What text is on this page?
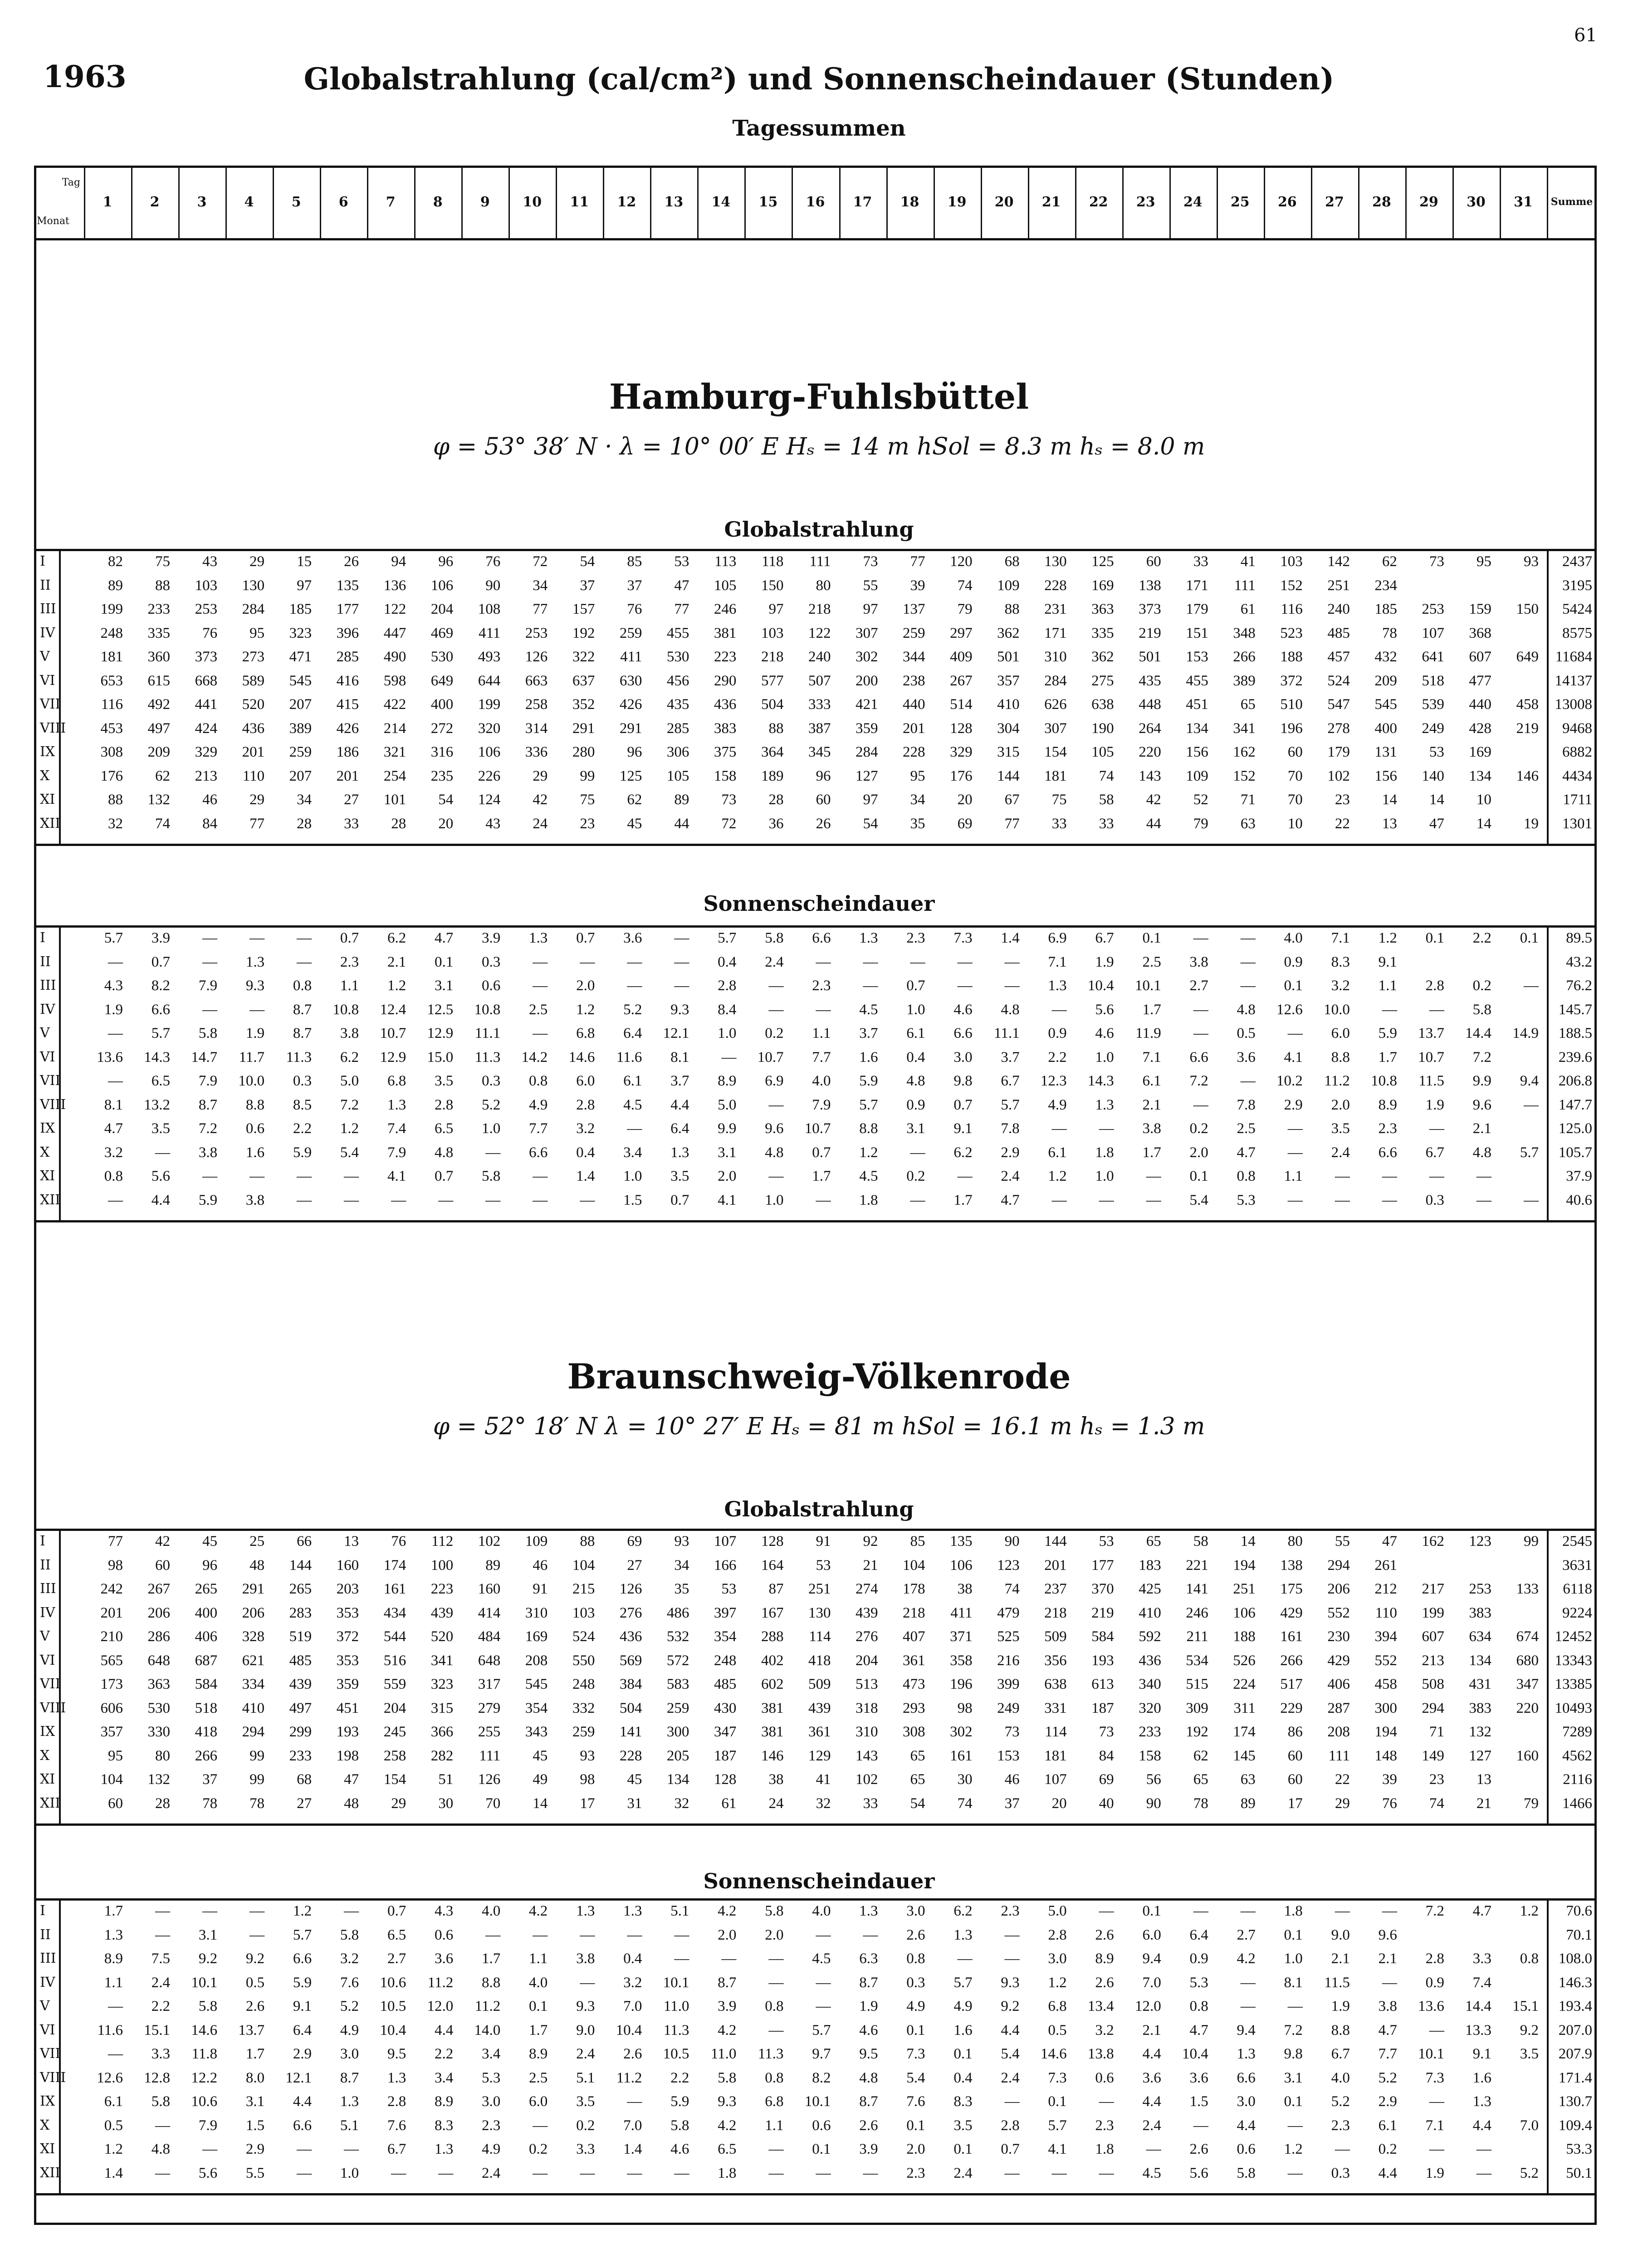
61
1963	Globalstrahlung (cal/cm²) und Sonnenscheindauer (Stunden)
Tagessummen
Hamburg-Fuhlsbüttel
φ = 53° 38′ N · λ = 10° 00′ E Hₛ = 14 m hSol = 8.3 m hₛ = 8.0 m
Globalstrahlung
Sonnenscheindauer
Braunschweig-Völkenrode
φ = 52° 18′ N λ = 10° 27′ E Hₛ = 81 m hSol = 16.1 m hₛ = 1.3 m
Globalstrahlung
Sonnenscheindauer
Tag
Monat
1	2	3	4	5	6	7	8	9	10	11	12	13	14	15	16	17	18	19	20	21	22	23	24	25	26	27	28	29	30	31	Summe
I	82	75	43	29	15	26	94	96	76	72	54	85	53	113	118	111	73	77	120	68	130	125	60	33	41	103	142	62	73	95	93	2437
II	89	88	103	130	97	135	136	106	90	34	37	37	47	105	150	80	55	39	74	109	228	169	138	171	111	152	251	234	3195
III	199	233	253	284	185	177	122	204	108	77	157	76	77	246	97	218	97	137	79	88	231	363	373	179	61	116	240	185	253	159	150	5424
IV	248	335	76	95	323	396	447	469	411	253	192	259	455	381	103	122	307	259	297	362	171	335	219	151	348	523	485	78	107	368	8575
V	181	360	373	273	471	285	490	530	493	126	322	411	530	223	218	240	302	344	409	501	310	362	501	153	266	188	457	432	641	607	649 11684
VI	653	615	668	589	545	416	598	649	644	663	637	630	456	290	577	507	200	238	267	357	284	275	435	455	389	372	524	209	518	477	14137
VII	116	492	441	520	207	415	422	400	199	258	352	426	435	436	504	333	421	440	514	410	626	638	448	451	65	510	547	545	539	440	458 13008
VIII	453	497	424	436	389	426	214	272	320	314	291	291	285	383	88	387	359	201	128	304	307	190	264	134	341	196	278	400	249	428	219	9468
IX	308	209	329	201	259	186	321	316	106	336	280	96	306	375	364	345	284	228	329	315	154	105	220	156	162	60	179	131	53	169	6882
X	176	62	213	110	207	201	254	235	226	29	99	125	105	158	189	96	127	95	176	144	181	74	143	109	152	70	102	156	140	134	146	4434
XI	88	132	46	29	34	27	101	54	124	42	75	62	89	73	28	60	97	34	20	67	75	58	42	52	71	70	23	14	14	10	1711
XII	32	74	84	77	28	33	28	20	43	24	23	45	44	72	36	26	54	35	69	77	33	33	44	79	63	10	22	13	47	14	19	1301
I	5.7	3.9	—	—	—	0.7	6.2	4.7	3.9	1.3	0.7	3.6	—	5.7	5.8	6.6	1.3	2.3	7.3	1.4	6.9	6.7	0.1	—	—	4.0	7.1	1.2	0.1	2.2	0.1	89.5
II	—	0.7	—	1.3	—	2.3	2.1	0.1	0.3	—	—	—	—	0.4	2.4	—	—	—	—	—	7.1	1.9	2.5	3.8	—	0.9	8.3	9.1	43.2
III	4.3	8.2	7.9	9.3	0.8	1.1	1.2	3.1	0.6	—	2.0	—	—	2.8	—	2.3	—	0.7	—	—	1.3	10.4	10.1	2.7	—	0.1	3.2	1.1	2.8	0.2	—	76.2
IV	1.9	6.6	—	—	8.7	10.8	12.4	12.5	10.8	2.5	1.2	5.2	9.3	8.4	—	—	4.5	1.0	4.6	4.8	—	5.6	1.7	—	4.8	12.6	10.0	—	—	5.8	145.7
V	—	5.7	5.8	1.9	8.7	3.8	10.7	12.9	11.1	—	6.8	6.4	12.1	1.0	0.2	1.1	3.7	6.1	6.6	11.1	0.9	4.6	11.9	—	0.5	—	6.0	5.9	13.7	14.4	14.9	188.5
VI	13.6	14.3	14.7	11.7	11.3	6.2	12.9	15.0	11.3	14.2	14.6	11.6	8.1	—	10.7	7.7	1.6	0.4	3.0	3.7	2.2	1.0	7.1	6.6	3.6	4.1	8.8	1.7	10.7	7.2	239.6
VII	—	6.5	7.9	10.0	0.3	5.0	6.8	3.5	0.3	0.8	6.0	6.1	3.7	8.9	6.9	4.0	5.9	4.8	9.8	6.7	12.3	14.3	6.1	7.2	—	10.2	11.2	10.8	11.5	9.9	9.4	206.8
VIII	8.1	13.2	8.7	8.8	8.5	7.2	1.3	2.8	5.2	4.9	2.8	4.5	4.4	5.0	—	7.9	5.7	0.9	0.7	5.7	4.9	1.3	2.1	—	7.8	2.9	2.0	8.9	1.9	9.6	—	147.7
IX	4.7	3.5	7.2	0.6	2.2	1.2	7.4	6.5	1.0	7.7	3.2	—	6.4	9.9	9.6	10.7	8.8	3.1	9.1	7.8	—	—	3.8	0.2	2.5	—	3.5	2.3	—	2.1	125.0
X	3.2	—	3.8	1.6	5.9	5.4	7.9	4.8	—	6.6	0.4	3.4	1.3	3.1	4.8	0.7	1.2	—	6.2	2.9	6.1	1.8	1.7	2.0	4.7	—	2.4	6.6	6.7	4.8	5.7	105.7
XI	0.8	5.6	—	—	—	—	4.1	0.7	5.8	—	1.4	1.0	3.5	2.0	—	1.7	4.5	0.2	—	2.4	1.2	1.0	—	0.1	0.8	1.1	—	—	—	—	37.9
XII	—	4.4	5.9	3.8	—	—	—	—	—	—	—	1.5	0.7	4.1	1.0	—	1.8	—	1.7	4.7	—	—	—	5.4	5.3	—	—	—	0.3	—	—	40.6
I	77	42	45	25	66	13	76	112	102	109	88	69	93	107	128	91	92	85	135	90	144	53	65	58	14	80	55	47	162	123	99	2545
II	98	60	96	48	144	160	174	100	89	46	104	27	34	166	164	53	21	104	106	123	201	177	183	221	194	138	294	261	3631
III	242	267	265	291	265	203	161	223	160	91	215	126	35	53	87	251	274	178	38	74	237	370	425	141	251	175	206	212	217	253	133	6118
IV	201	206	400	206	283	353	434	439	414	310	103	276	486	397	167	130	439	218	411	479	218	219	410	246	106	429	552	110	199	383	9224
V	210	286	406	328	519	372	544	520	484	169	524	436	532	354	288	114	276	407	371	525	509	584	592	211	188	161	230	394	607	634	674 12452
VI	565	648	687	621	485	353	516	341	648	208	550	569	572	248	402	418	204	361	358	216	356	193	436	534	526	266	429	552	213	134	680 13343
VII	173	363	584	334	439	359	559	323	317	545	248	384	583	485	602	509	513	473	196	399	638	613	340	515	224	517	406	458	508	431	347 13385
VIII	606	530	518	410	497	451	204	315	279	354	332	504	259	430	381	439	318	293	98	249	331	187	320	309	311	229	287	300	294	383	220 10493
IX	357	330	418	294	299	193	245	366	255	343	259	141	300	347	381	361	310	308	302	73	114	73	233	192	174	86	208	194	71	132	7289
X	95	80	266	99	233	198	258	282	111	45	93	228	205	187	146	129	143	65	161	153	181	84	158	62	145	60	111	148	149	127	160	4562
XI	104	132	37	99	68	47	154	51	126	49	98	45	134	128	38	41	102	65	30	46	107	69	56	65	63	60	22	39	23	13	2116
XII	60	28	78	78	27	48	29	30	70	14	17	31	32	61	24	32	33	54	74	37	20	40	90	78	89	17	29	76	74	21	79	1466
I	1.7	—	—	—	1.2	—	0.7	4.3	4.0	4.2	1.3	1.3	5.1	4.2	5.8	4.0	1.3	3.0	6.2	2.3	5.0	—	0.1	—	—	1.8	—	—	7.2	4.7	1.2	70.6
II	1.3	—	3.1	—	5.7	5.8	6.5	0.6	—	—	—	—	—	2.0	2.0	—	—	2.6	1.3	—	2.8	2.6	6.0	6.4	2.7	0.1	9.0	9.6	70.1
III	8.9	7.5	9.2	9.2	6.6	3.2	2.7	3.6	1.7	1.1	3.8	0.4	—	—	—	4.5	6.3	0.8	—	—	3.0	8.9	9.4	0.9	4.2	1.0	2.1	2.1	2.8	3.3	0.8	108.0
IV	1.1	2.4	10.1	0.5	5.9	7.6	10.6	11.2	8.8	4.0	—	3.2	10.1	8.7	—	—	8.7	0.3	5.7	9.3	1.2	2.6	7.0	5.3	—	8.1	11.5	—	0.9	7.4	146.3
V	—	2.2	5.8	2.6	9.1	5.2	10.5	12.0	11.2	0.1	9.3	7.0	11.0	3.9	0.8	—	1.9	4.9	4.9	9.2	6.8	13.4	12.0	0.8	—	—	1.9	3.8	13.6	14.4	15.1	193.4
VI	11.6	15.1	14.6	13.7	6.4	4.9	10.4	4.4	14.0	1.7	9.0	10.4	11.3	4.2	—	5.7	4.6	0.1	1.6	4.4	0.5	3.2	2.1	4.7	9.4	7.2	8.8	4.7	—	13.3	9.2	207.0
VII	—	3.3	11.8	1.7	2.9	3.0	9.5	2.2	3.4	8.9	2.4	2.6	10.5	11.0	11.3	9.7	9.5	7.3	0.1	5.4	14.6	13.8	4.4	10.4	1.3	9.8	6.7	7.7	10.1	9.1	3.5	207.9
VIII	12.6	12.8	12.2	8.0	12.1	8.7	1.3	3.4	5.3	2.5	5.1	11.2	2.2	5.8	0.8	8.2	4.8	5.4	0.4	2.4	7.3	0.6	3.6	3.6	6.6	3.1	4.0	5.2	7.3	1.6	171.4
IX	6.1	5.8	10.6	3.1	4.4	1.3	2.8	8.9	3.0	6.0	3.5	—	5.9	9.3	6.8	10.1	8.7	7.6	8.3	—	0.1	—	4.4	1.5	3.0	0.1	5.2	2.9	—	1.3	130.7
X	0.5	—	7.9	1.5	6.6	5.1	7.6	8.3	2.3	—	0.2	7.0	5.8	4.2	1.1	0.6	2.6	0.1	3.5	2.8	5.7	2.3	2.4	—	4.4	—	2.3	6.1	7.1	4.4	7.0	109.4
XI	1.2	4.8	—	2.9	—	—	6.7	1.3	4.9	0.2	3.3	1.4	4.6	6.5	—	0.1	3.9	2.0	0.1	0.7	4.1	1.8	—	2.6	0.6	1.2	—	0.2	—	—	53.3
XII	1.4	—	5.6	5.5	—	1.0	—	—	2.4	—	—	—	—	1.8	—	—	—	2.3	2.4	—	—	—	4.5	5.6	5.8	—	0.3	4.4	1.9	—	5.2	50.1
